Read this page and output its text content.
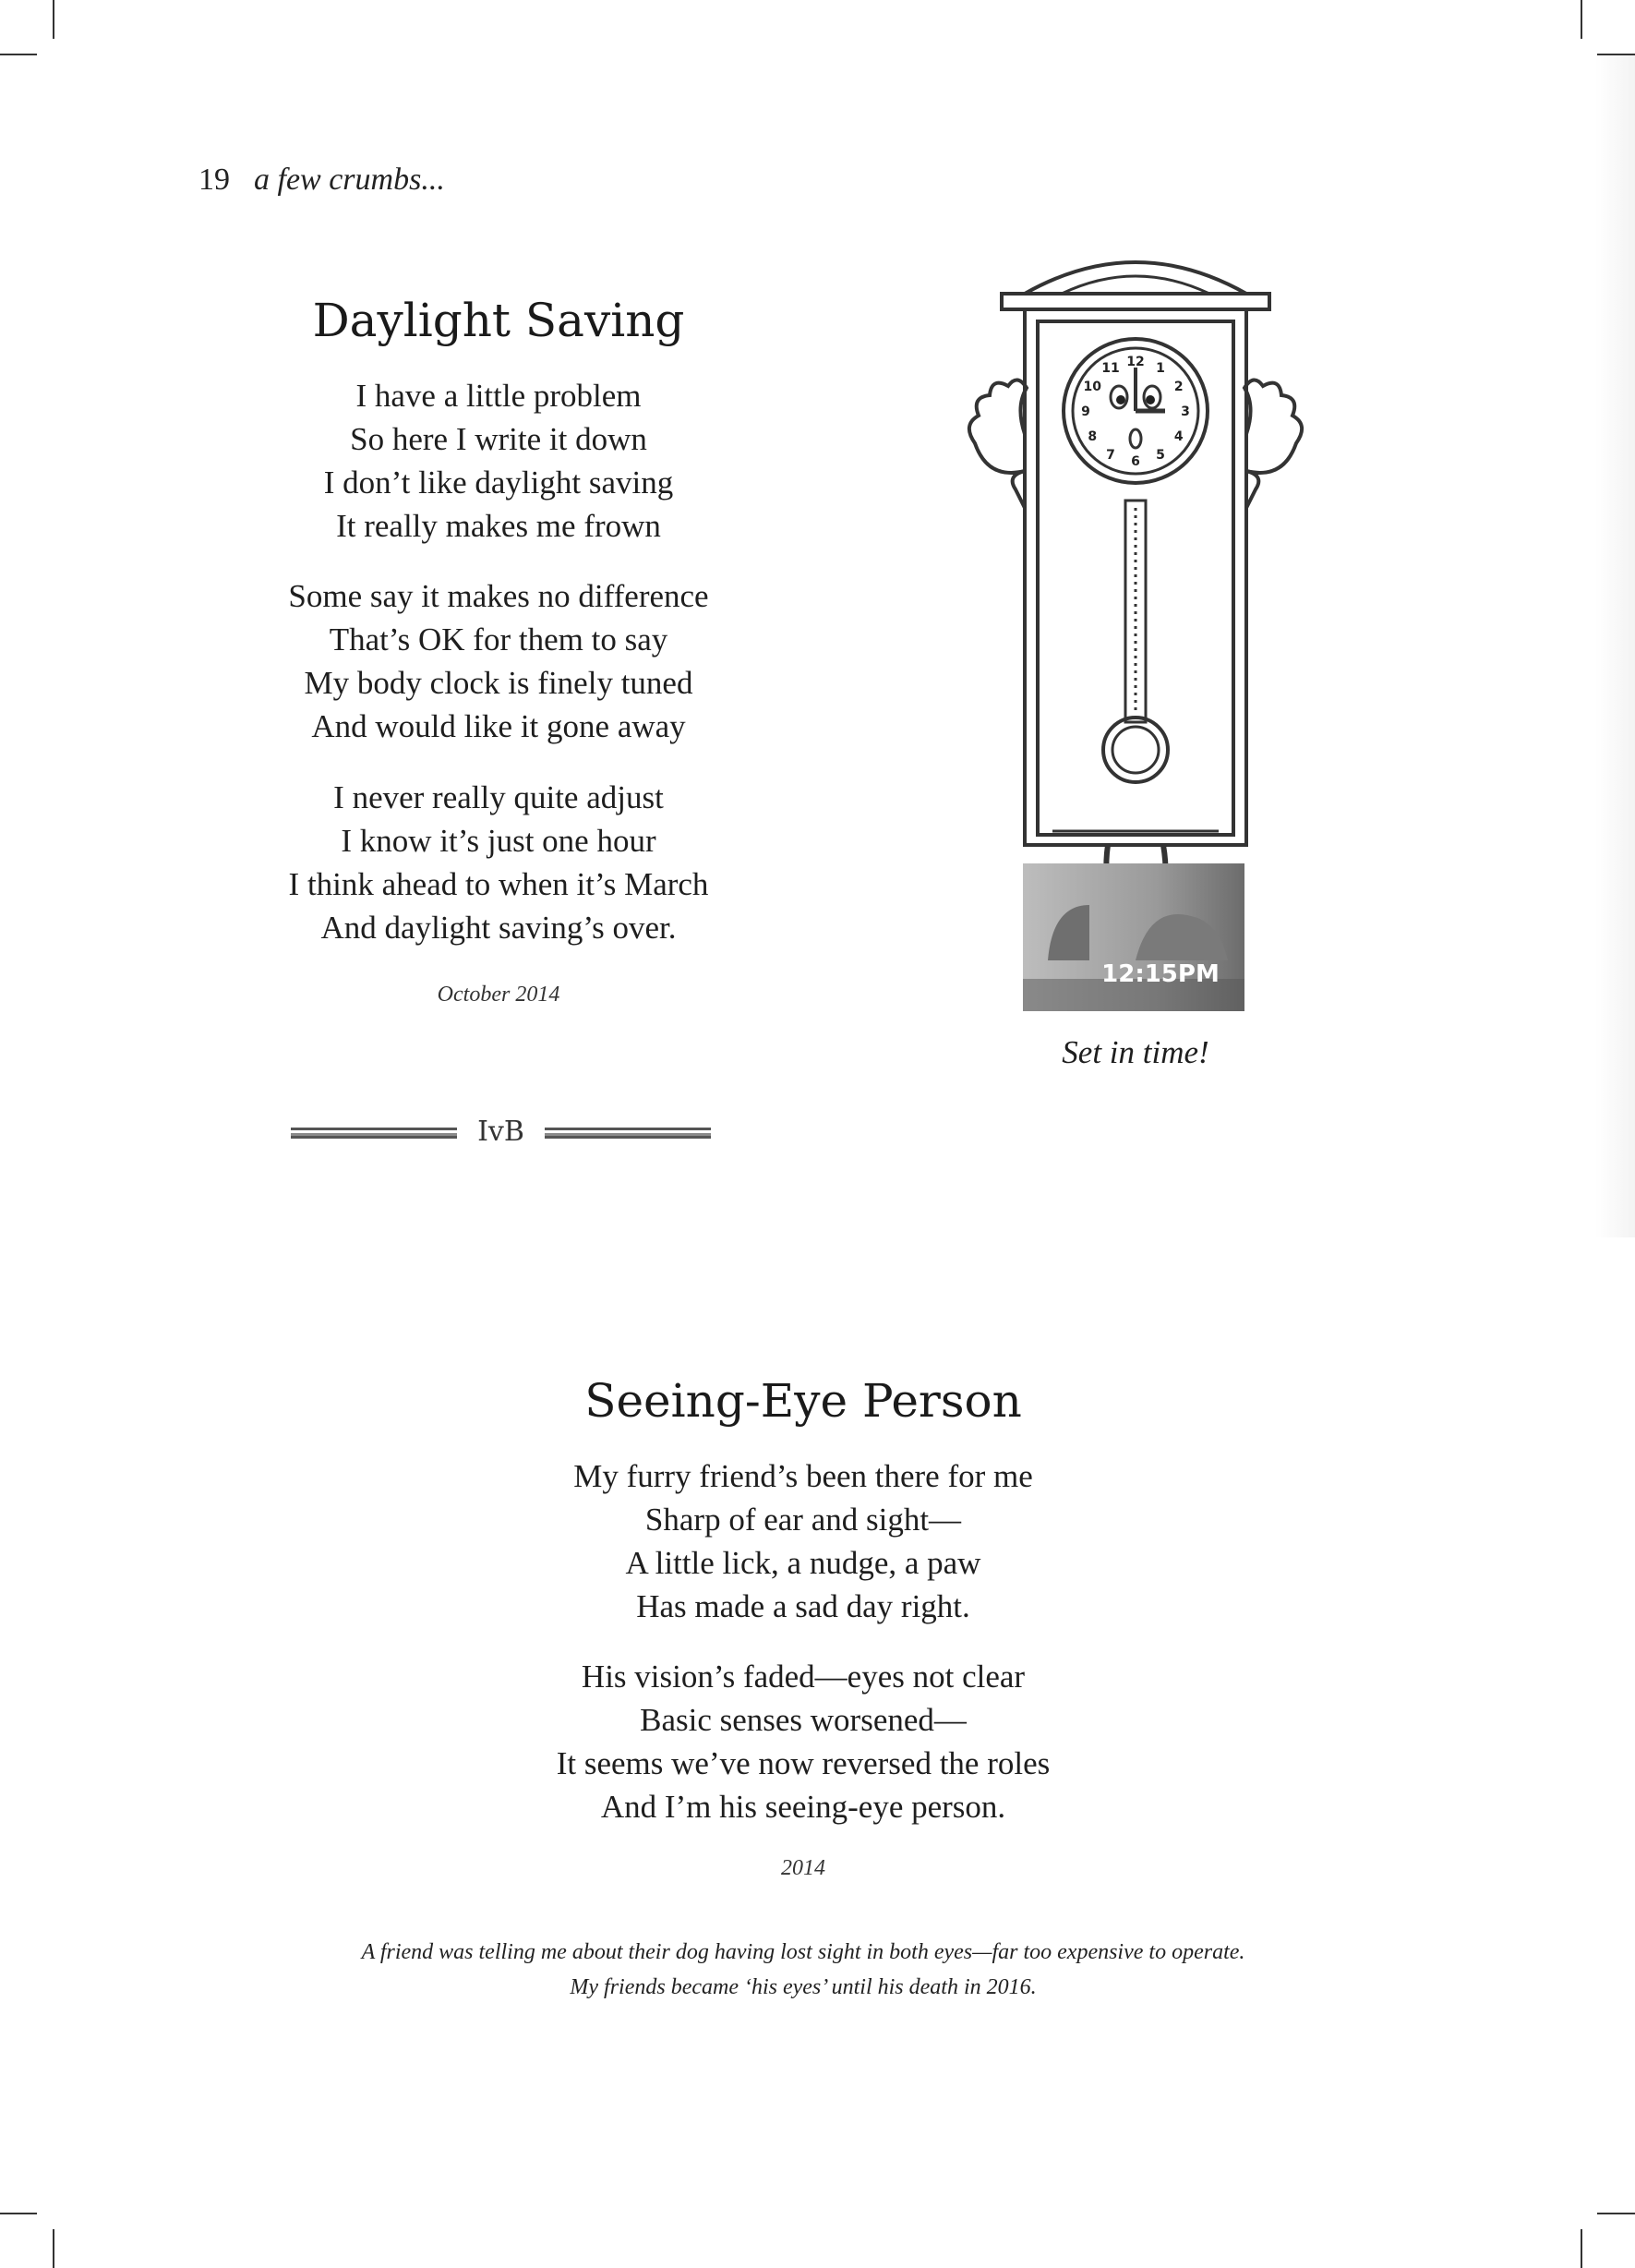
19 a few crumbs...
Daylight Saving
I have a little problem
So here I write it down
I don’t like daylight saving
It really makes me frown
Some say it makes no difference
That’s OK for them to say
My body clock is finely tuned
And would like it gone away
I never really quite adjust
I know it’s just one hour
I think ahead to when it’s March
And daylight saving’s over.
October 2014
12 1
2
3
4
5
6
7
8
9
10
11
12:15PM
Set in time!
IvB
Seeing-Eye Person
My furry friend’s been there for me
Sharp of ear and sight—
A little lick, a nudge, a paw
Has made a sad day right.
His vision’s faded—eyes not clear
Basic senses worsened—
It seems we’ve now reversed the roles
And I’m his seeing-eye person.
2014
A friend was telling me about their dog having lost sight in both eyes—far too expensive to operate.
My friends became ‘his eyes’ until his death in 2016.
